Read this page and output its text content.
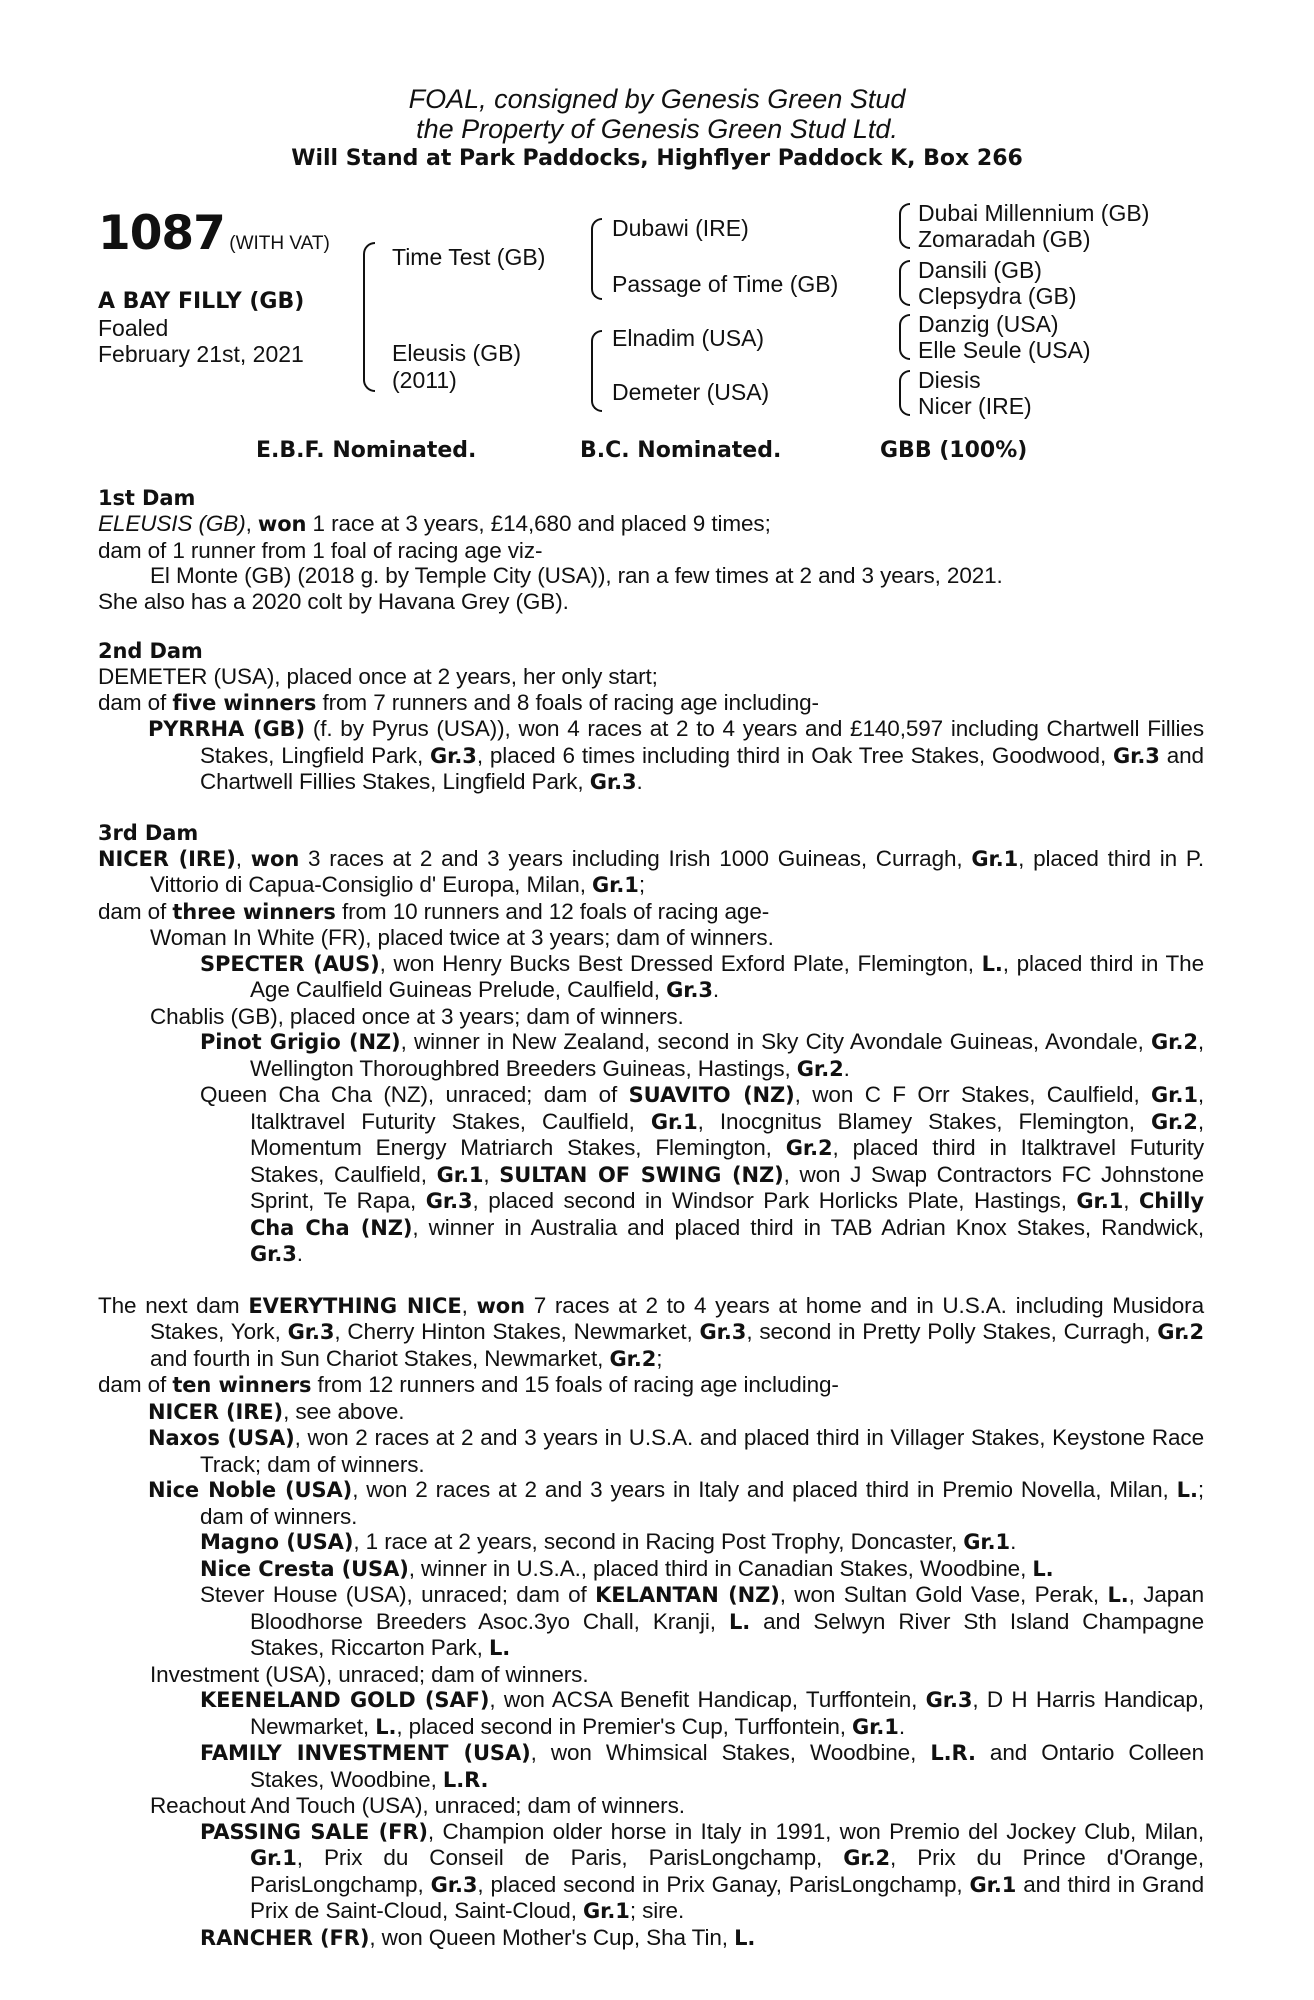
FOAL, consigned by Genesis Green Stud
the Property of Genesis Green Stud Ltd.
Will Stand at Park Paddocks, Highflyer Paddock K, Box 266
1087 (WITH VAT)
A BAY FILLY (GB)
Foaled
February 21st, 2021
Time Test (GB)
Eleusis (GB)
(2011)
Dubawi (IRE)
Passage of Time (GB)
Elnadim (USA)
Demeter (USA)
Dubai Millennium (GB)
Zomaradah (GB)
Dansili (GB)
Clepsydra (GB)
Danzig (USA)
Elle Seule (USA)
Diesis
Nicer (IRE)
E.B.F. Nominated.	B.C. Nominated.	GBB (100%)
1st Dam

ELEUSIS (GB), won 1 race at 3 years, £14,680 and placed 9 times;

dam of 1 runner from 1 foal of racing age viz-

El Monte (GB) (2018 g. by Temple City (USA)), ran a few times at 2 and 3 years, 2021.

She also has a 2020 colt by Havana Grey (GB).

2nd Dam

DEMETER (USA), placed once at 2 years, her only start;

dam of five winners from 7 runners and 8 foals of racing age including-

PYRRHA (GB) (f. by Pyrus (USA)), won 4 races at 2 to 4 years and £140,597 including Chartwell Fillies Stakes, Lingfield Park, Gr.3, placed 6 times including third in Oak Tree Stakes, Goodwood, Gr.3 and Chartwell Fillies Stakes, Lingfield Park, Gr.3.

3rd Dam

NICER (IRE), won 3 races at 2 and 3 years including Irish 1000 Guineas, Curragh, Gr.1, placed third in P. Vittorio di Capua-Consiglio d' Europa, Milan, Gr.1;

dam of three winners from 10 runners and 12 foals of racing age-

Woman In White (FR), placed twice at 3 years; dam of winners.

SPECTER (AUS), won Henry Bucks Best Dressed Exford Plate, Flemington, L., placed third in The Age Caulfield Guineas Prelude, Caulfield, Gr.3.

Chablis (GB), placed once at 3 years; dam of winners.

Pinot Grigio (NZ), winner in New Zealand, second in Sky City Avondale Guineas, Avondale, Gr.2, Wellington Thoroughbred Breeders Guineas, Hastings, Gr.2.

Queen Cha Cha (NZ), unraced; dam of SUAVITO (NZ), won C F Orr Stakes, Caulfield, Gr.1, Italktravel Futurity Stakes, Caulfield, Gr.1, Inocgnitus Blamey Stakes, Flemington, Gr.2, Momentum Energy Matriarch Stakes, Flemington, Gr.2, placed third in Italktravel Futurity Stakes, Caulfield, Gr.1, SULTAN OF SWING (NZ), won J Swap Contractors FC Johnstone Sprint, Te Rapa, Gr.3, placed second in Windsor Park Horlicks Plate, Hastings, Gr.1, Chilly Cha Cha (NZ), winner in Australia and placed third in TAB Adrian Knox Stakes, Randwick, Gr.3.

The next dam EVERYTHING NICE, won 7 races at 2 to 4 years at home and in U.S.A. including Musidora Stakes, York, Gr.3, Cherry Hinton Stakes, Newmarket, Gr.3, second in Pretty Polly Stakes, Curragh, Gr.2 and fourth in Sun Chariot Stakes, Newmarket, Gr.2;

dam of ten winners from 12 runners and 15 foals of racing age including-

NICER (IRE), see above.

Naxos (USA), won 2 races at 2 and 3 years in U.S.A. and placed third in Villager Stakes, Keystone Race Track; dam of winners.

Nice Noble (USA), won 2 races at 2 and 3 years in Italy and placed third in Premio Novella, Milan, L.; dam of winners.

Magno (USA), 1 race at 2 years, second in Racing Post Trophy, Doncaster, Gr.1.

Nice Cresta (USA), winner in U.S.A., placed third in Canadian Stakes, Woodbine, L.

Stever House (USA), unraced; dam of KELANTAN (NZ), won Sultan Gold Vase, Perak, L., Japan Bloodhorse Breeders Asoc.3yo Chall, Kranji, L. and Selwyn River Sth Island Champagne Stakes, Riccarton Park, L.

Investment (USA), unraced; dam of winners.

KEENELAND GOLD (SAF), won ACSA Benefit Handicap, Turffontein, Gr.3, D H Harris Handicap, Newmarket, L., placed second in Premier's Cup, Turffontein, Gr.1.

FAMILY INVESTMENT (USA), won Whimsical Stakes, Woodbine, L.R. and Ontario Colleen Stakes, Woodbine, L.R.

Reachout And Touch (USA), unraced; dam of winners.

PASSING SALE (FR), Champion older horse in Italy in 1991, won Premio del Jockey Club, Milan, Gr.1, Prix du Conseil de Paris, ParisLongchamp, Gr.2, Prix du Prince d'Orange, ParisLongchamp, Gr.3, placed second in Prix Ganay, ParisLongchamp, Gr.1 and third in Grand Prix de Saint-Cloud, Saint-Cloud, Gr.1; sire.

RANCHER (FR), won Queen Mother's Cup, Sha Tin, L.
